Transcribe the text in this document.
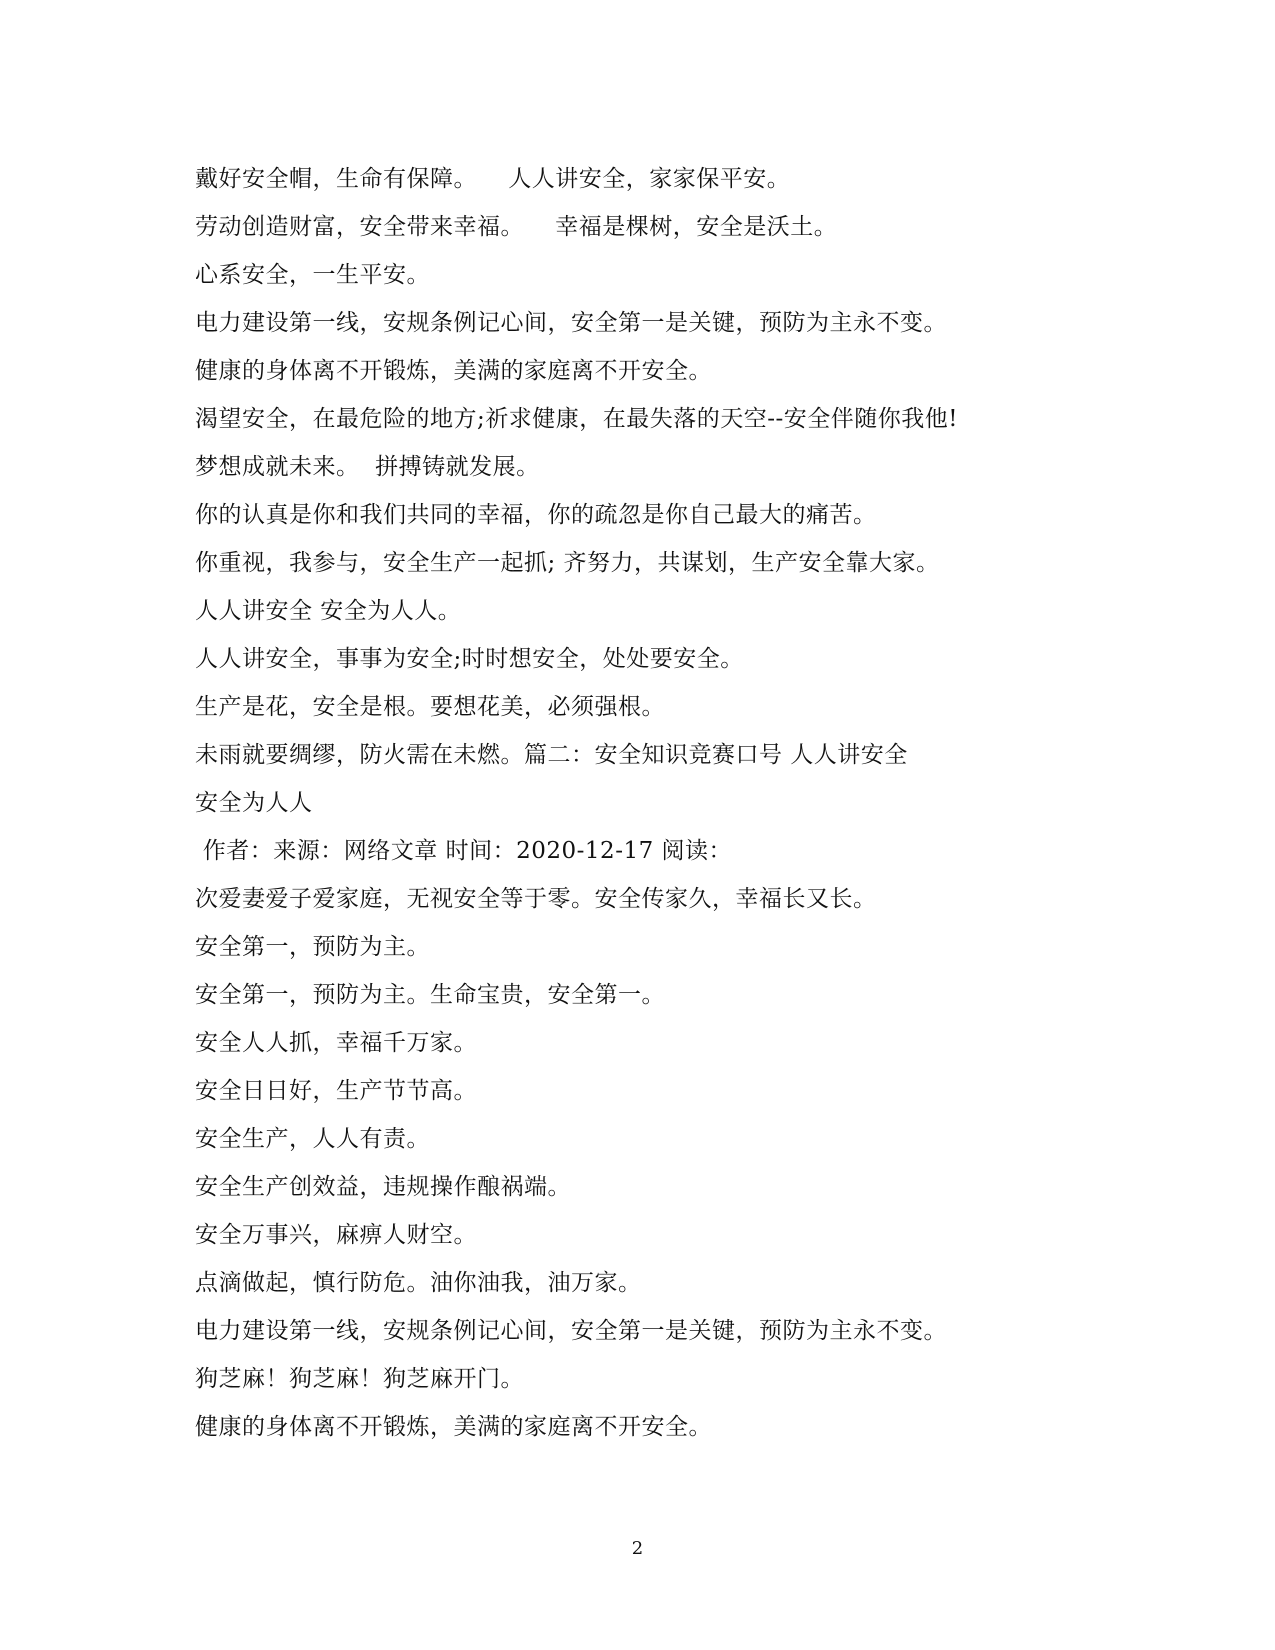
戴好安全帽，生命有保障。    人人讲安全，家家保平安。
劳动创造财富，安全带来幸福。    幸福是棵树，安全是沃土。
心系安全，一生平安。
电力建设第一线，安规条例记心间，安全第一是关键，预防为主永不变。
健康的身体离不开锻炼，美满的家庭离不开安全。
渴望安全，在最危险的地方;祈求健康，在最失落的天空--安全伴随你我他!
梦想成就未来。  拼搏铸就发展。
你的认真是你和我们共同的幸福，你的疏忽是你自己最大的痛苦。
你重视，我参与，安全生产一起抓; 齐努力，共谋划，生产安全靠大家。
人人讲安全 安全为人人。
人人讲安全，事事为安全;时时想安全，处处要安全。
生产是花，安全是根。要想花美，必须强根。
未雨就要绸缪，防火需在未燃。篇二：安全知识竞赛口号 人人讲安全
安全为人人
作者：来源：网络文章 时间：2020-12-17 阅读：
次爱妻爱子爱家庭，无视安全等于零。安全传家久，幸福长又长。
安全第一，预防为主。
安全第一，预防为主。生命宝贵，安全第一。
安全人人抓，幸福千万家。
安全日日好，生产节节高。
安全生产，人人有责。
安全生产创效益，违规操作酿祸端。
安全万事兴，麻痹人财空。
点滴做起，慎行防危。油你油我，油万家。
电力建设第一线，安规条例记心间，安全第一是关键，预防为主永不变。
狗芝麻！狗芝麻！狗芝麻开门。
健康的身体离不开锻炼，美满的家庭离不开安全。
2
